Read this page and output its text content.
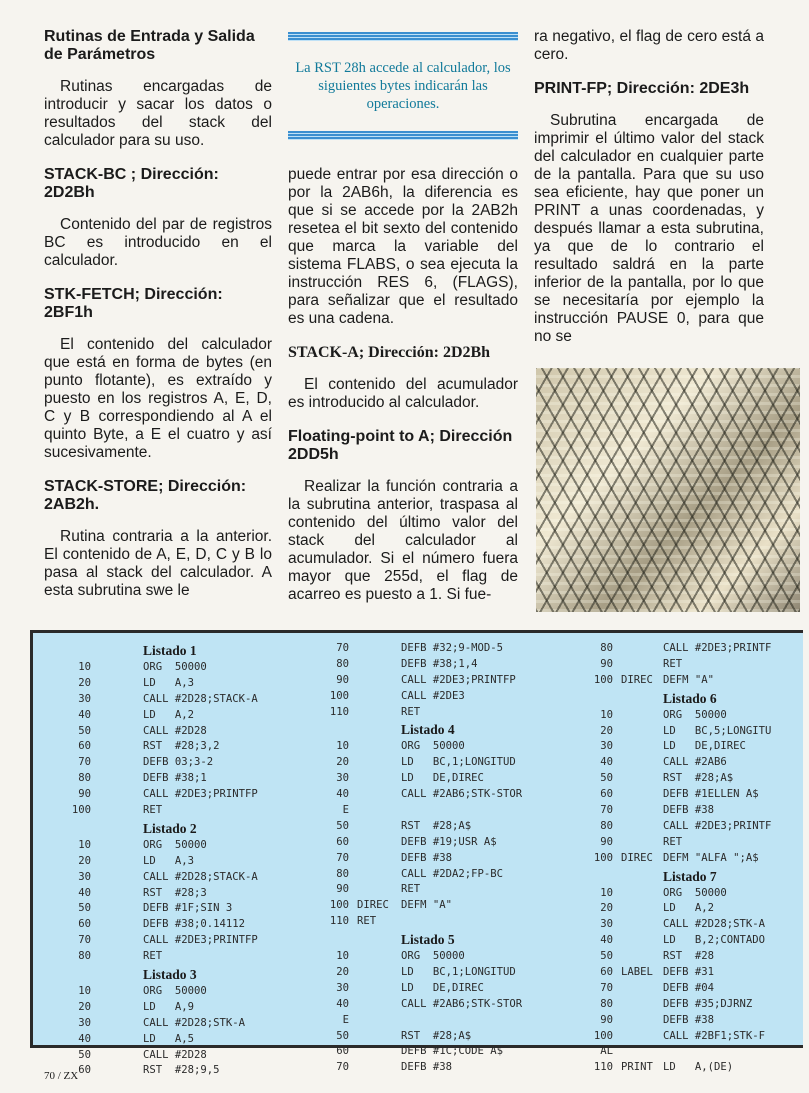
Rutinas de Entrada y Salida de Parámetros

Rutinas encargadas de introducir y sacar los datos o resultados del stack del calculador para su uso.

STACK-BC ; Dirección: 2D2Bh

Contenido del par de registros BC es introducido en el calculador.

STK-FETCH; Dirección: 2BF1h

El contenido del calculador que está en forma de bytes (en punto flotante), es extraído y puesto en los registros A, E, D, C y B correspondiendo al A el quinto Byte, a E el cuatro y así sucesivamente.

STACK-STORE; Dirección: 2AB2h.

Rutina contraria a la anterior. El contenido de A, E, D, C y B lo pasa al stack del calculador. A esta subrutina swe le

La RST 28h accede al calculador, los siguientes bytes indicarán las operaciones.

puede entrar por esa dirección o por la 2AB6h, la diferencia es que si se accede por la 2AB2h resetea el bit sexto del contenido que marca la variable del sistema FLABS, o sea ejecuta la instrucción RES 6, (FLAGS), para señalizar que el resultado es una cadena.

STACK-A; Dirección: 2D2Bh

El contenido del acumulador es introducido al calculador.

Floating-point to A; Dirección 2DD5h

Realizar la función contraria a la subrutina anterior, traspasa al contenido del último valor del stack del calculador al acumulador. Si el número fuera mayor que 255d, el flag de acarreo es puesto a 1. Si fue-

ra negativo, el flag de cero está a cero.

PRINT-FP; Dirección: 2DE3h

Subrutina encargada de imprimir el último valor del stack del calculador en cualquier parte de la pantalla. Para que su uso sea eficiente, hay que poner un PRINT a unas coordenadas, y después llamar a esta subrutina, ya que de lo contrario el resultado saldrá en la parte inferior de la pantalla, por lo que se necesitaría por ejemplo la instrucción PAUSE 0, para que no se

Listado 1
10	ORG  50000
20	LD   A,3
30	CALL #2D28;STACK-A
40	LD   A,2
50	CALL #2D28
60	RST  #28;3,2
70	DEFB 03;3-2
80	DEFB #38;1
90	CALL #2DE3;PRINTFP
100	RET
Listado 2
10	ORG  50000
20	LD   A,3
30	CALL #2D28;STACK-A
40	RST  #28;3
50	DEFB #1F;SIN 3
60	DEFB #38;0.14112
70	CALL #2DE3;PRINTFP
80	RET
Listado 3
10	ORG  50000
20	LD   A,9
30	CALL #2D28;STK-A
40	LD   A,5
50	CALL #2D28
60	RST  #28;9,5
70	DEFB #32;9-MOD-5
80	DEFB #38;1,4
90	CALL #2DE3;PRINTFP
100	CALL #2DE3
110	RET
Listado 4
10	ORG  50000
20	LD   BC,1;LONGITUD
30	LD   DE,DIREC
40	CALL #2AB6;STK-STOR
E
50	RST  #28;A$
60	DEFB #19;USR A$
70	DEFB #38
80	CALL #2DA2;FP-BC
90	RET
100 DIREC DEFM "A"
110 RET
Listado 5
10	ORG  50000
20	LD   BC,1;LONGITUD
30	LD   DE,DIREC
40	CALL #2AB6;STK-STOR
E
50	RST  #28;A$
60	DEFB #1C;CODE A$
70	DEFB #38
80	CALL #2DE3;PRINTF
90	RET
100 DIREC DEFM "A"
Listado 6
10	ORG  50000
20	LD   BC,5;LONGITU
30	LD   DE,DIREC
40	CALL #2AB6
50	RST  #28;A$
60	DEFB #1ELLEN A$
70	DEFB #38
80	CALL #2DE3;PRINTF
90	RET
100 DIREC DEFM "ALFA ";A$
Listado 7
10	ORG  50000
20	LD   A,2
30	CALL #2D28;STK-A
40	LD   B,2;CONTADO
50	RST  #28
60 LABEL DEFB #31
70	DEFB #04
80	DEFB #35;DJRNZ
90	DEFB #38
100	CALL #2BF1;STK-F
AL
110 PRINT LD   A,(DE)
70 / ZX
